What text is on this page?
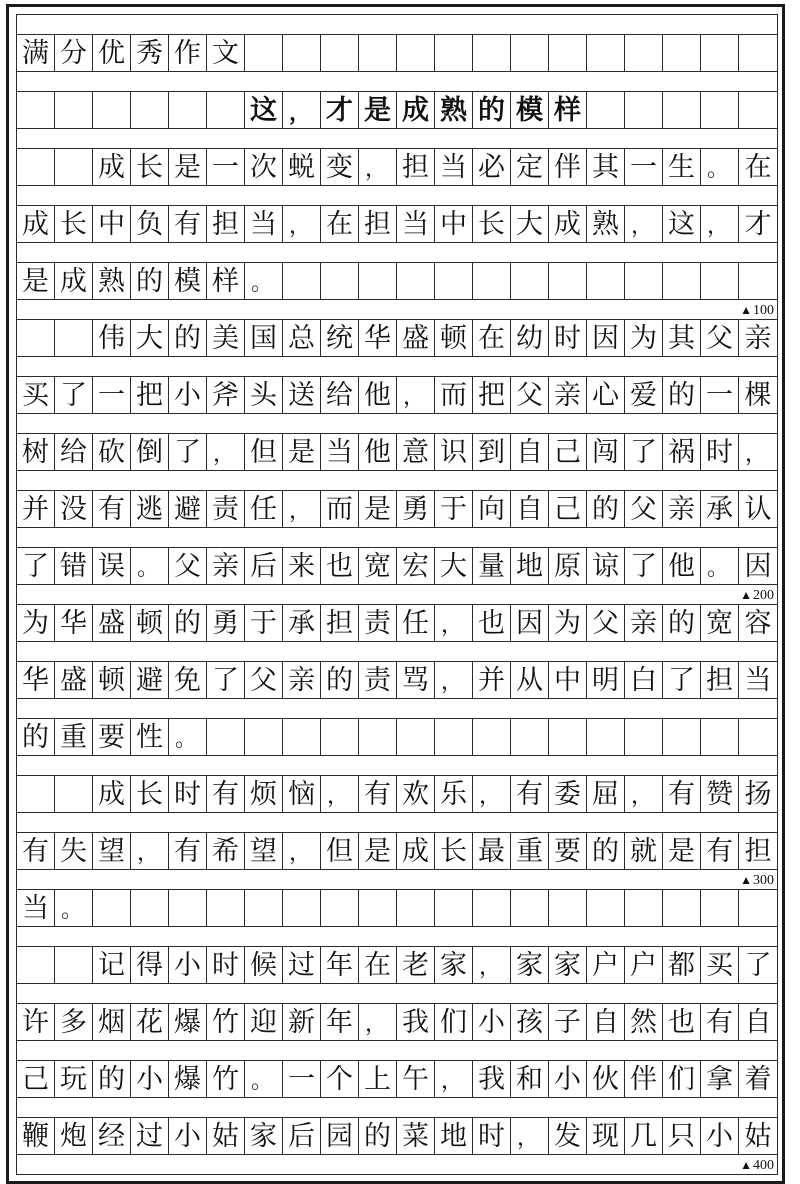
满 分 优 秀 作 文
这 ， 才 是 成 熟 的 模 样
成 长 是 一 次 蜕 变 ， 担 当 必 定 伴 其 一 生 。 在
成 长 中 负 有 担 当 ， 在 担 当 中 长 大 成 熟 ， 这 ， 才
是 成 熟 的 模 样 。
伟 大 的 美 国 总 统 华 盛 顿 在 幼 时 因 为 其 父 亲
买 了 一 把 小 斧 头 送 给 他 ， 而 把 父 亲 心 爱 的 一 棵
树 给 砍 倒 了 ， 但 是 当 他 意 识 到 自 己 闯 了 祸 时 ，
并 没 有 逃 避 责 任 ， 而 是 勇 于 向 自 己 的 父 亲 承 认
了 错 误 。 父 亲 后 来 也 宽 宏 大 量 地 原 谅 了 他 。 因
为 华 盛 顿 的 勇 于 承 担 责 任 ， 也 因 为 父 亲 的 宽 容
华 盛 顿 避 免 了 父 亲 的 责 骂 ， 并 从 中 明 白 了 担 当
的 重 要 性 。
成 长 时 有 烦 恼 ， 有 欢 乐 ， 有 委 屈 ， 有 赞 扬
有 失 望 ， 有 希 望 ， 但 是 成 长 最 重 要 的 就 是 有 担
当 。
记 得 小 时 候 过 年 在 老 家 ， 家 家 户 户 都 买 了
许 多 烟 花 爆 竹 迎 新 年 ， 我 们 小 孩 子 自 然 也 有 自
己 玩 的 小 爆 竹 。 一 个 上 午 ， 我 和 小 伙 伴 们 拿 着
鞭 炮 经 过 小 姑 家 后 园 的 菜 地 时 ， 发 现 几 只 小 姑
▲100
▲200
▲300
▲400
